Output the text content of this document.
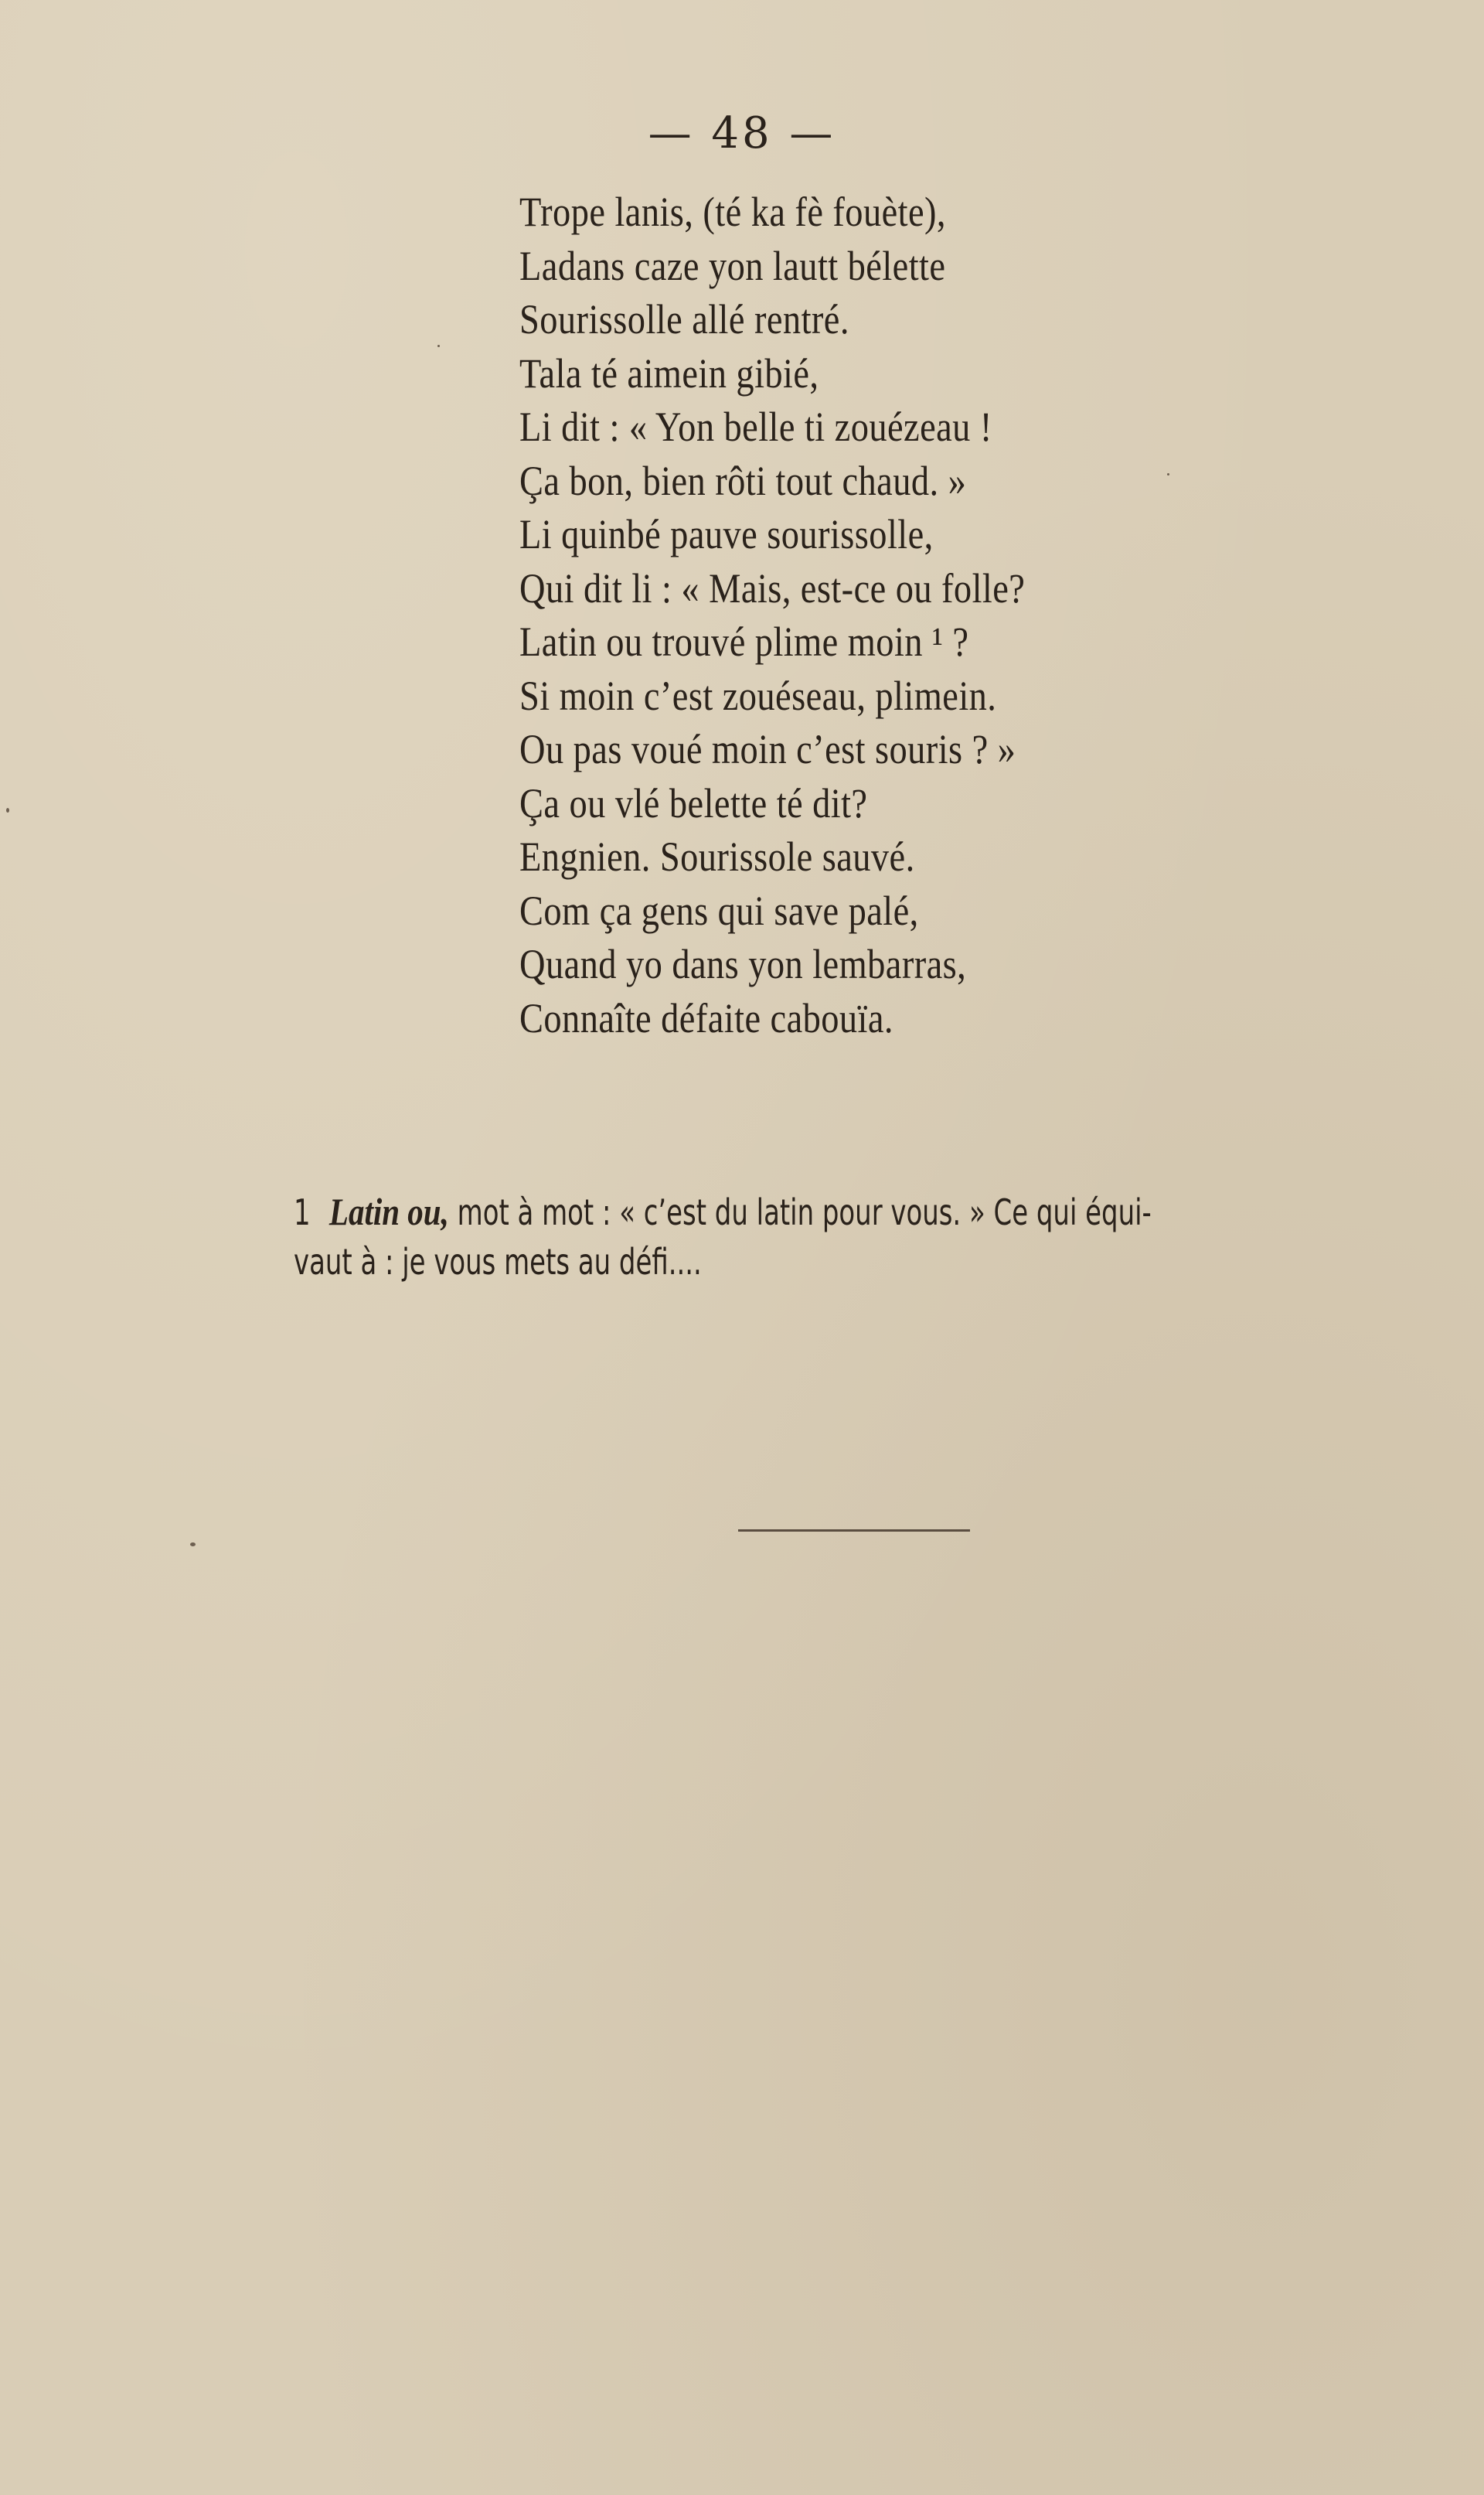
— 48 —
Trope lanis, (té ka fè fouète),
Ladans caze yon lautt bélette
Sourissolle allé rentré.
Tala té aimein gibié,
Li dit : « Yon belle ti zouézeau !
Ça bon, bien rôti tout chaud. »
Li quinbé pauve sourissolle,
Qui dit li : « Mais, est-ce ou folle?
Latin ou trouvé plime moin ¹ ?
Si moin c’est zouéseau, plimein.
Ou pas voué moin c’est souris ? »
Ça ou vlé belette té dit?
Engnien. Sourissole sauvé.
Com ça gens qui save palé,
Quand yo dans yon lembarras,
Connaîte défaite cabouïa.
1 Latin ou, mot à mot : « c’est du latin pour vous. » Ce qui équi-
vaut à : je vous mets au défi....
